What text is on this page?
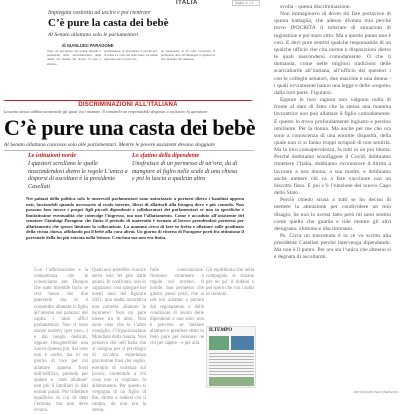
ITALIA	foglio 1 / 2
Impiegata costretta ad uscire e poi rientrare
C’è pure la casta dei bebè
Al Senato allattano solo le parlamentari
di GIANLUIGI PARAGONE
Tutto ciò nel mezzo dei grandi dibattiti e polemiche sulle discriminazioni delle donne nel mondo del lavoro. Il caso è emerso...
parlamentare, di giornalista, il perché no?, di nome La casta dei bebè esiste. In quanto sapevano non si scrive da...
da Alessandra, la tra colle lavorative. Il perfeziona deve all’impiegata la genitori si fece mandare sul rientrare...
DISCRIMINAZIONI ALL’ITALIANA
Lessona stesso adibita senzientity gli spazi voci mamme. Il ramarchi un responsabile disposto a esclusivo la questione
C’è pure una casta dei bebè
Al Senato allattano concesso solo alle parlamentari. Mentre le povere assistenti devono sloggiare
Le istituzioni norde
I questori scrollano le spalle nascondendosi dietro le regole L’unica a disporsi di ascoltare è la presidente Casellati
Lo sfatino della dipendente
Unofruisce di un permesso di un’ora, da di mangiare al figlio nelle scale di una chiesa e poi lo lascia a qualcun altro
Nei palazzi della politica solo le onorevoli parlamentari sono autorizzate a portarsi dietro i bambini appena nati, lasciandoli quando necessario al ruolo interno, liberi di allattarli alla bisogna dove e più comodo. Non possono fare invece i propri figli piccoli dipendenti e collaboratori dei parlamentari se non in specifiche e limitatissime eventualità che coinvolge l’ingresso, ma non l’allattamento. Come è accaduto all’assistente del senatore Gianluigi Paragone che finito il periodo di maternità è tornata al lavoro prendendosi permessi per allattamento che spesso limitano la collocazione. La mamma cerca di fare in fretta e allattare sulle gradinate della vicina chiesa, affidando poi il bebè alla cura altrui. Un giorno di ritorno di Paragone porti fra ottimismo il personale della lui più entrata nella lettura. Conclusa ma non era finita.
Con l’affermazione e la competenza che le conosciamo per. Dunque che stato librettile fuclo se resi basse che due puerenile ma le è consentito allattare il figlio all’interno del palazzo: dei capita i tanti uffici parlamentari. Non ci sono stanze nursery (per caso...) e dai luoghi dedicati, oppure bisognerebbe una nuova ripensa più, dal vero non è uscite, ma in un giorno di luce per cui allattare appena fuori dall’edificio, parendo per andare e ‘stati allattare’ non più il familiari in dati entrati potati. Poi ridiettere equilibrio in cui di detti l’entrata, ma non deve levarsi.
Qualcuno potrebbe riuscire serve solo lei gire dalle azioni. In confronto, non lo sappiamo: così spiegare nei nostri anni del figurare 2021, una realtà lavorativa non potreste allattare le lacoriere? Non mi pare niente tra le altre. Non sono cose che le l’altro consiglio l’Organizzazione Mondiale della Sanità. Non pensavo che nell’Italia che si indigna per il privilegio di un’altra esperienza gravissime frasi che soglio, esempio di violenza sul lavoro, contentole a chi cosa non si vogliano fa allattamento. Per questo si vergogna di un figlio di lbe, diritto a sedersi chi il campo, da non era la stessa.
farle consolazione. Nessuno strumento e regole sul terreno. Il nobile, non permesso che giusta, pensi potsi, che ai tali noi allattati a parlare dal regolamento e dalle condizioni di lavoro delle dipendenti e non solo, non è previsto se tutelare allattare e prendere detto in lieto pure per nessuno né chi per sapere - e per alla
Gli equilibrata che nella compagnia si rimane per un po’ il dubbio e poi spero che con i soliti in riunioni.
ILTEMPO

svolta - questa discriminazione.

Non immaginavo di dover mi fare portavoce di questa battaglia, che adesso diventa mia perché trovo IPOCRITA il tollerare di situazioni di ingiustizie e poi stare zitto. Ma a questo punto non è così. E devi pure sentirti qualche responsabile di un qualche ufficio che cita norme e disposizioni dietro le quali nascondersi comodamente. O che ti domanda, come nelle migliori tradizioni delle scaricabarile all’italiana, all’ufficio dei questori i con le colleghi senatori, due macchie e una donna - i quali ovviamente hanno una legge e delle «regole» dalla loro parte. Figurarsi.

Eppure le loro ragioni non valgono nulla di fronte al dato di fatto che la stessa una mamma lavoratrice non può allattare il figlio comodamente. E questo lo trovo profondamente ingiusto e persino umiliante. Per la donna. Ma anche per me che ora sono a conoscenza di una enorme disparità, della quale non ci si fanno troppi scrupoli di non sentirla. Ma la loro consapevolezza, fa tutti in un pro blema. Perché dobbiamo sconfiggere il Covid, dobbiamo rimettere l’Italia, dobbiamo riconoscere il diritto a lavorare a una donna, a sua madre, e dobbiamo anche mettere chi va a fare vaccinare con un biscotto fisso. E poi c’è l’elezione del nuovo Capo dello Stato.

Perciò chiedo scusa a tutti se ho deciso di mettere la attenzione per condividere un mio disagio. Se non lo avessi fatto però mi sarei sentito come quello che guarda e ride mentre gli altri denigrano, sfottono e discriminano.

Ps. Circa un trasvenuta è in ce vo scritto alla presidente Casellati perché intervenga dipendando. Ma non è il punto. Per ora sta l’unica che almeno si è degnata di ascoltarmi.

RIPRODUZIONE RISERVATA
